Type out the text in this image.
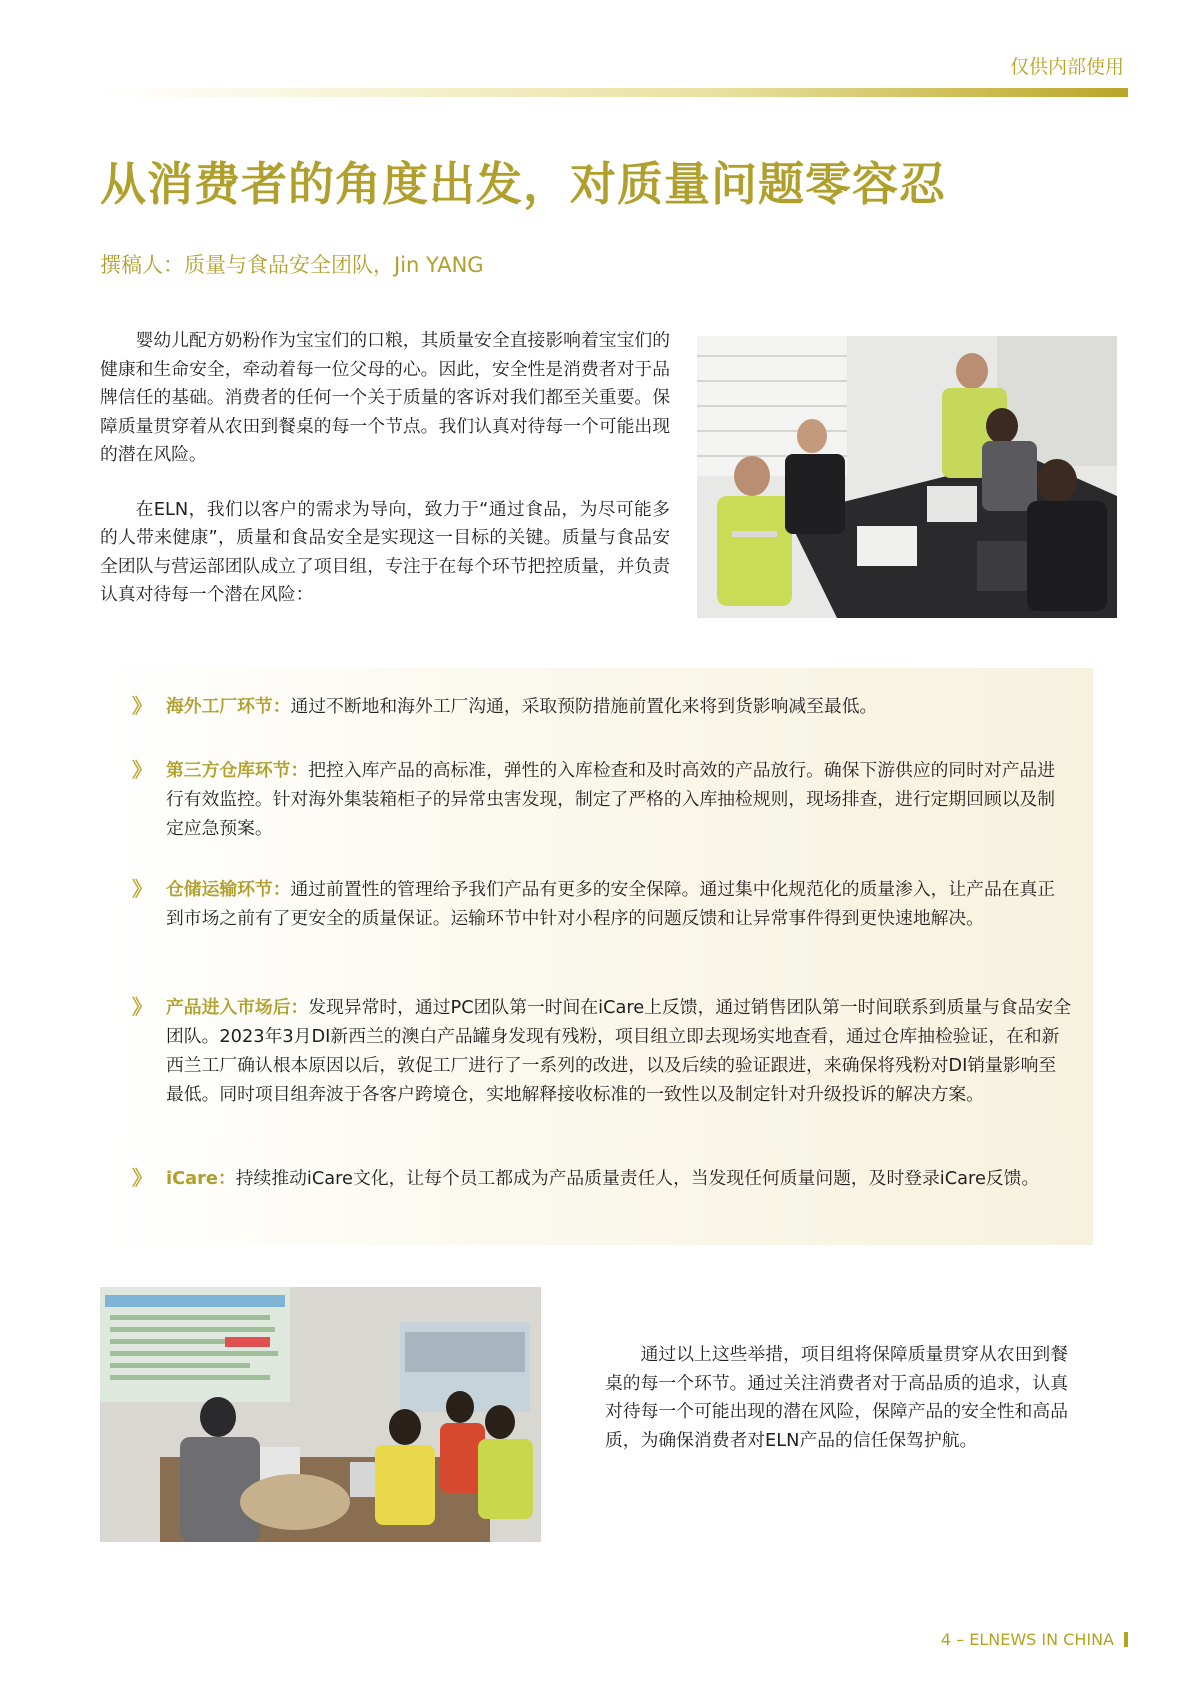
仅供内部使用
从消费者的角度出发，对质量问题零容忍
撰稿人：质量与食品安全团队，Jin YANG

婴幼儿配方奶粉作为宝宝们的口粮，其质量安全直接影响着宝宝们的健康和生命安全，牵动着每一位父母的心。因此，安全性是消费者对于品牌信任的基础。消费者的任何一个关于质量的客诉对我们都至关重要。保障质量贯穿着从农田到餐桌的每一个节点。我们认真对待每一个可能出现的潜在风险。

在ELN，我们以客户的需求为导向，致力于“通过食品，为尽可能多的人带来健康”，质量和食品安全是实现这一目标的关键。质量与食品安全团队与营运部团队成立了项目组，专注于在每个环节把控质量，并负责认真对待每一个潜在风险：

》 海外工厂环节：通过不断地和海外工厂沟通，采取预防措施前置化来将到货影响减至最低。
》 第三方仓库环节：把控入库产品的高标准，弹性的入库检查和及时高效的产品放行。确保下游供应的同时对产品进行有效监控。针对海外集装箱柜子的异常虫害发现，制定了严格的入库抽检规则，现场排查，进行定期回顾以及制定应急预案。
》 仓储运输环节：通过前置性的管理给予我们产品有更多的安全保障。通过集中化规范化的质量渗入，让产品在真正到市场之前有了更安全的质量保证。运输环节中针对小程序的问题反馈和让异常事件得到更快速地解决。
》 产品进入市场后：发现异常时，通过PC团队第一时间在iCare上反馈，通过销售团队第一时间联系到质量与食品安全团队。2023年3月DI新西兰的澳白产品罐身发现有残粉，项目组立即去现场实地查看，通过仓库抽检验证，在和新西兰工厂确认根本原因以后，敦促工厂进行了一系列的改进，以及后续的验证跟进，来确保将残粉对DI销量影响至最低。同时项目组奔波于各客户跨境仓，实地解释接收标准的一致性以及制定针对升级投诉的解决方案。
》 iCare：持续推动iCare文化，让每个员工都成为产品质量责任人，当发现任何质量问题，及时登录iCare反馈。
通过以上这些举措，项目组将保障质量贯穿从农田到餐桌的每一个环节。通过关注消费者对于高品质的追求，认真对待每一个可能出现的潜在风险，保障产品的安全性和高品质，为确保消费者对ELN产品的信任保驾护航。
4 – ELNEWS IN CHINA
